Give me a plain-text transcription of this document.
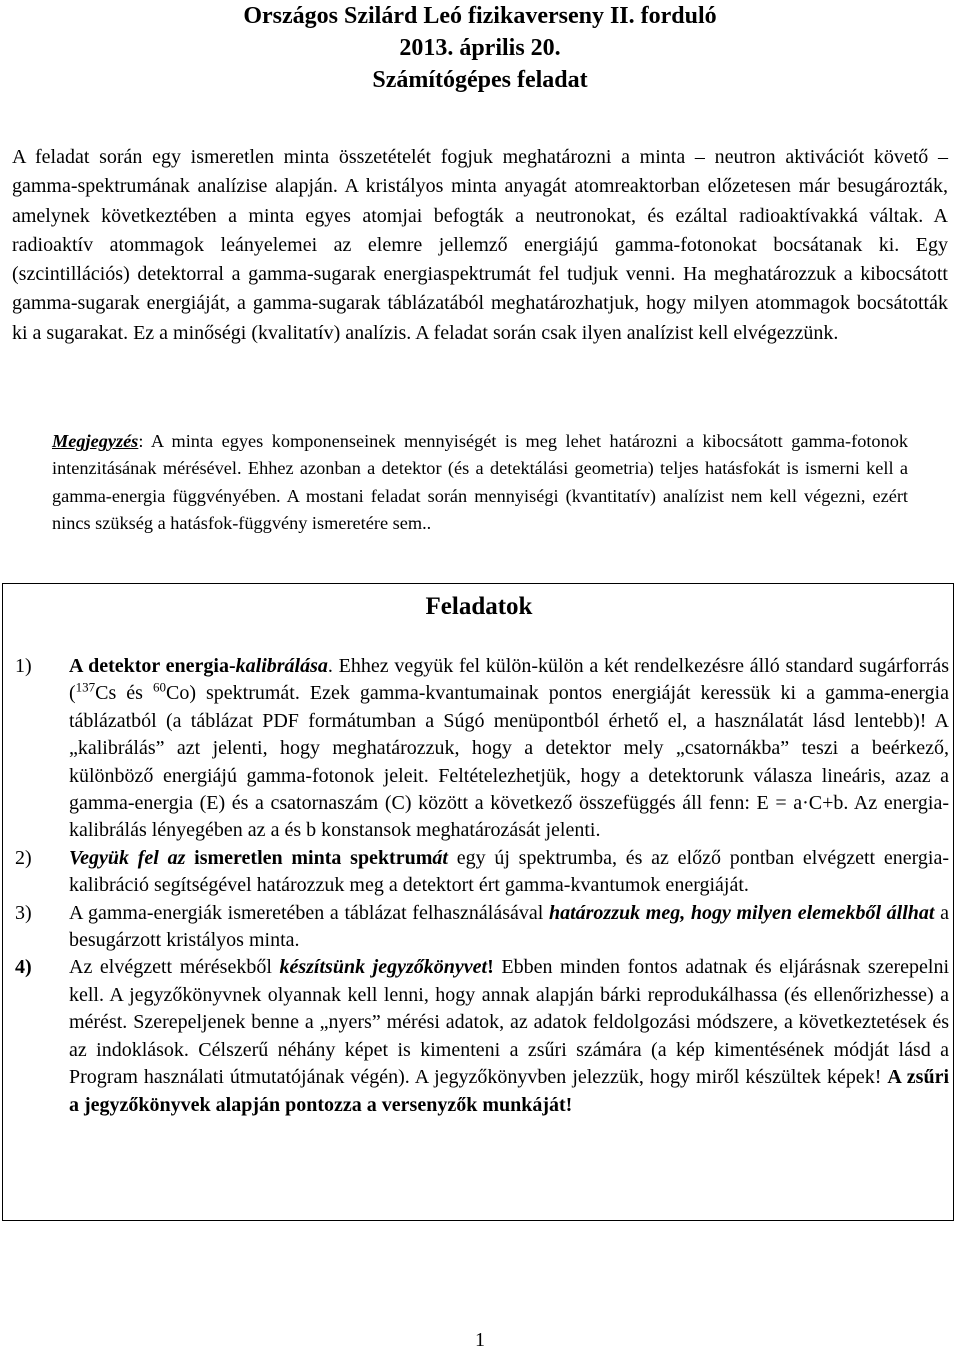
Országos Szilárd Leó fizikaverseny II. forduló
2013. április 20.
Számítógépes feladat

A feladat során egy ismeretlen minta összetételét fogjuk meghatározni a minta – neutron aktivációt követő – gamma-spektrumának analízise alapján. A kristályos minta anyagát atomreaktorban előzetesen már besugározták, amelynek következtében a minta egyes atomjai befogták a neutronokat, és ezáltal radioaktívakká váltak. A radioaktív atommagok leányelemei az elemre jellemző energiájú gamma-fotonokat bocsátanak ki. Egy (szcintillációs) detektorral a gamma-sugarak energiaspektrumát fel tudjuk venni. Ha meghatározzuk a kibocsátott gamma-sugarak energiáját, a gamma-sugarak táblázatából meghatározhatjuk, hogy milyen atommagok bocsátották ki a sugarakat. Ez a minőségi (kvalitatív) analízis. A feladat során csak ilyen analízist kell elvégezzünk.

Megjegyzés: A minta egyes komponenseinek mennyiségét is meg lehet határozni a kibocsátott gamma-fotonok intenzitásának mérésével. Ehhez azonban a detektor (és a detektálási geometria) teljes hatásfokát is ismerni kell a gamma-energia függvényében. A mostani feladat során mennyiségi (kvantitatív) analízist nem kell végezni, ezért nincs szükség a hatásfok-függvény ismeretére sem..

Feladatok
1) A detektor energia-kalibrálása. Ehhez vegyük fel külön-külön a két rendelkezésre álló standard sugárforrás ($^{137}$Cs és $^{60}$Co) spektrumát. Ezek gamma-kvantumainak pontos energiáját keressük ki a gamma-energia táblázatból (a táblázat PDF formátumban a Súgó menüpontból érhető el, a használatát lásd lentebb)! A „kalibrálás” azt jelenti, hogy meghatározzuk, hogy a detektor mely „csatornákba” teszi a beérkező, különböző energiájú gamma-fotonok jeleit. Feltételezhetjük, hogy a detektorunk válasza lineáris, azaz a gamma-energia (E) és a csatornaszám (C) között a következő összefüggés áll fenn: E = a·C+b. Az energia-kalibrálás lényegében az a és b konstansok meghatározását jelenti.
2) Vegyük fel az ismeretlen minta spektrumát egy új spektrumba, és az előző pontban elvégzett energia-kalibráció segítségével határozzuk meg a detektort ért gamma-kvantumok energiáját.
3) A gamma-energiák ismeretében a táblázat felhasználásával határozzuk meg, hogy milyen elemekből állhat a besugárzott kristályos minta.
4) Az elvégzett mérésekből készítsünk jegyzőkönyvet! Ebben minden fontos adatnak és eljárásnak szerepelni kell. A jegyzőkönyvnek olyannak kell lenni, hogy annak alapján bárki reprodukálhassa (és ellenőrizhesse) a mérést. Szerepeljenek benne a „nyers” mérési adatok, az adatok feldolgozási módszere, a következtetések és az indoklások. Célszerű néhány képet is kimenteni a zsűri számára (a kép kimentésének módját lásd a Program használati útmutatójának végén). A jegyzőkönyvben jelezzük, hogy miről készültek képek! A zsűri a jegyzőkönyvek alapján pontozza a versenyzők munkáját!
1
